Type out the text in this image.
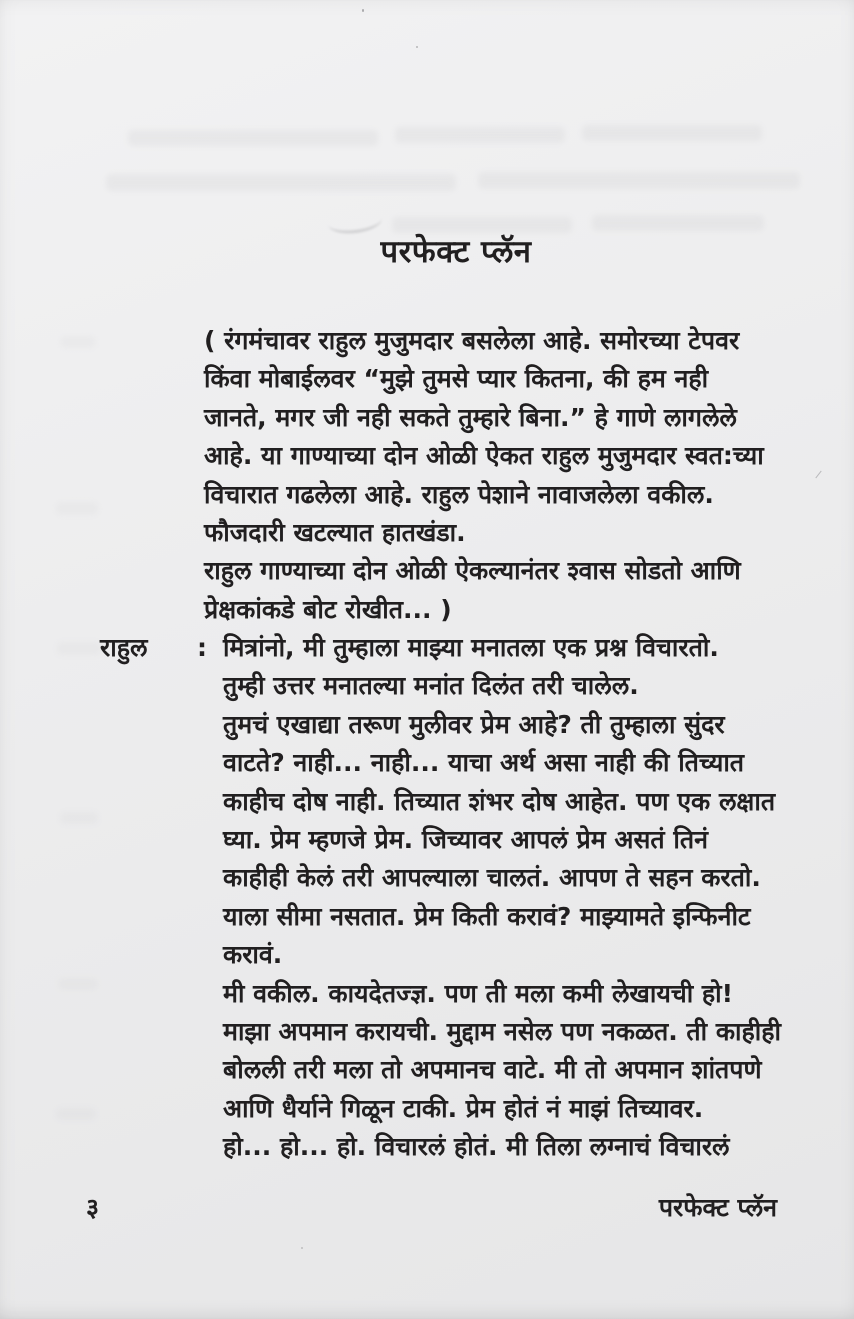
परफेक्ट प्लॅन
( रंगमंचावर राहुल मुजुमदार बसलेला आहे. समोरच्या टेपवर
किंवा मोबाईलवर “मुझे तुमसे प्यार कितना, की हम नही
जानते, मगर जी नही सकते तुम्हारे बिना.” हे गाणे लागलेले
आहे. या गाण्याच्या दोन ओळी ऐकत राहुल मुजुमदार स्वत:च्या
विचारात गढलेला आहे. राहुल पेशाने नावाजलेला वकील.
फौजदारी खटल्यात हातखंडा.
राहुल गाण्याच्या दोन ओळी ऐकल्यानंतर श्वास सोडतो आणि
प्रेक्षकांकडे बोट रोखीत... )
राहुल : मित्रांनो, मी तुम्हाला माझ्या मनातला एक प्रश्न विचारतो.
तुम्ही उत्तर मनातल्या मनांत दिलंत तरी चालेल.
तुमचं एखाद्या तरूण मुलीवर प्रेम आहे? ती तुम्हाला सुंदर
वाटते? नाही... नाही... याचा अर्थ असा नाही की तिच्यात
काहीच दोष नाही. तिच्यात शंभर दोष आहेत. पण एक लक्षात
घ्या. प्रेम म्हणजे प्रेम. जिच्यावर आपलं प्रेम असतं तिनं
काहीही केलं तरी आपल्याला चालतं. आपण ते सहन करतो.
याला सीमा नसतात. प्रेम किती करावं? माझ्यामते इन्फिनीट
करावं.
मी वकील. कायदेतज्ज्ञ. पण ती मला कमी लेखायची हो!
माझा अपमान करायची. मुद्दाम नसेल पण नकळत. ती काहीही
बोलली तरी मला तो अपमानच वाटे. मी तो अपमान शांतपणे
आणि धैर्याने गिळून टाकी. प्रेम होतं नं माझं तिच्यावर.
हो... हो... हो. विचारलं होतं. मी तिला लग्नाचं विचारलं
३	परफेक्ट प्लॅन
